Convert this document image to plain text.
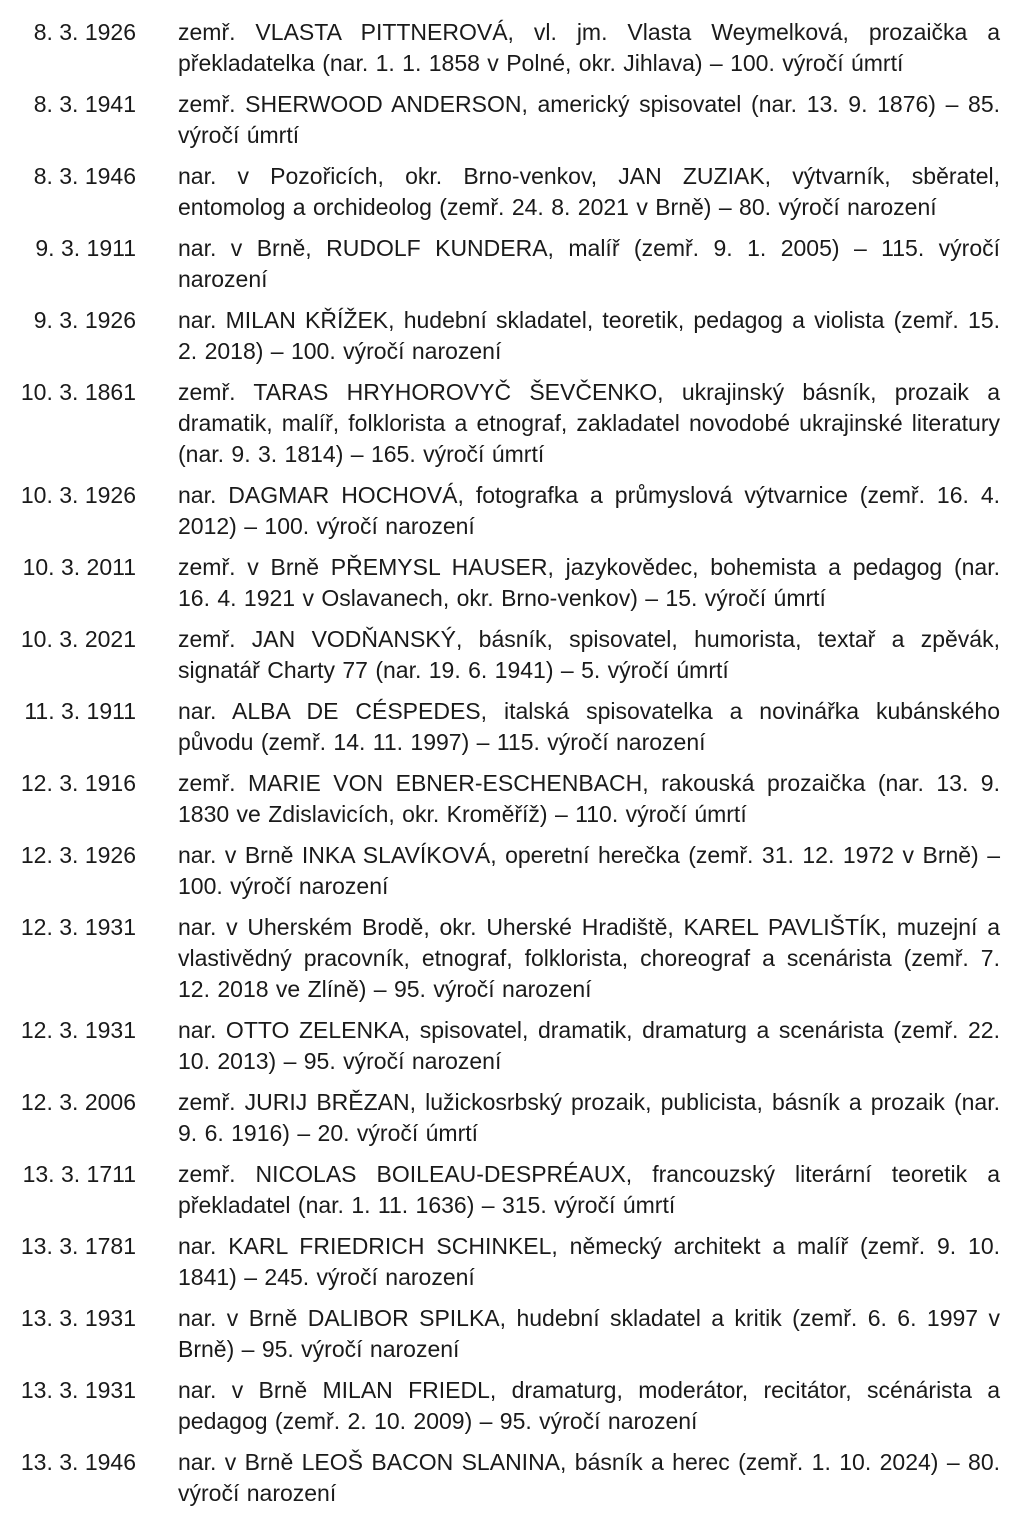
8. 3. 1926 zemř. VLASTA PITTNEROVÁ, vl. jm. Vlasta Weymelková, prozaička a překladatelka (nar. 1. 1. 1858 v Polné, okr. Jihlava) – 100. výročí úmrtí
8. 3. 1941 zemř. SHERWOOD ANDERSON, americký spisovatel (nar. 13. 9. 1876) – 85. výročí úmrtí
8. 3. 1946 nar. v Pozořicích, okr. Brno-venkov, JAN ZUZIAK, výtvarník, sběratel, entomolog a orchideolog (zemř. 24. 8. 2021 v Brně) – 80. výročí narození
9. 3. 1911 nar. v Brně, RUDOLF KUNDERA, malíř (zemř. 9. 1. 2005) – 115. výročí narození
9. 3. 1926 nar. MILAN KŘÍŽEK, hudební skladatel, teoretik, pedagog a violista (zemř. 15. 2. 2018) – 100. výročí narození
10. 3. 1861 zemř. TARAS HRYHOROVYČ ŠEVČENKO, ukrajinský básník, prozaik a dramatik, malíř, folklorista a etnograf, zakladatel novodobé ukrajinské literatury (nar. 9. 3. 1814) – 165. výročí úmrtí
10. 3. 1926 nar. DAGMAR HOCHOVÁ, fotografka a průmyslová výtvarnice (zemř. 16. 4. 2012) – 100. výročí narození
10. 3. 2011 zemř. v Brně PŘEMYSL HAUSER, jazykovědec, bohemista a pedagog (nar. 16. 4. 1921 v Oslavanech, okr. Brno-venkov) – 15. výročí úmrtí
10. 3. 2021 zemř. JAN VODŇANSKÝ, básník, spisovatel, humorista, textař a zpěvák, signatář Charty 77 (nar. 19. 6. 1941) – 5. výročí úmrtí
11. 3. 1911 nar. ALBA DE CÉSPEDES, italská spisovatelka a novinářka kubánského původu (zemř. 14. 11. 1997) – 115. výročí narození
12. 3. 1916 zemř. MARIE VON EBNER-ESCHENBACH, rakouská prozaička (nar. 13. 9. 1830 ve Zdislavicích, okr. Kroměříž) – 110. výročí úmrtí
12. 3. 1926 nar. v Brně INKA SLAVÍKOVÁ, operetní herečka (zemř. 31. 12. 1972 v Brně) – 100. výročí narození
12. 3. 1931 nar. v Uherském Brodě, okr. Uherské Hradiště, KAREL PAVLIŠTÍK, muzejní a vlastivědný pracovník, etnograf, folklorista, choreograf a scenárista (zemř. 7. 12. 2018 ve Zlíně) – 95. výročí narození
12. 3. 1931 nar. OTTO ZELENKA, spisovatel, dramatik, dramaturg a scenárista (zemř. 22. 10. 2013) – 95. výročí narození
12. 3. 2006 zemř. JURIJ BRĚZAN, lužickosrbský prozaik, publicista, básník a prozaik (nar. 9. 6. 1916) – 20. výročí úmrtí
13. 3. 1711 zemř. NICOLAS BOILEAU-DESPRÉAUX, francouzský literární teoretik a překladatel (nar. 1. 11. 1636) – 315. výročí úmrtí
13. 3. 1781 nar. KARL FRIEDRICH SCHINKEL, německý architekt a malíř (zemř. 9. 10. 1841) – 245. výročí narození
13. 3. 1931 nar. v Brně DALIBOR SPILKA, hudební skladatel a kritik (zemř. 6. 6. 1997 v Brně) – 95. výročí narození
13. 3. 1931 nar. v Brně MILAN FRIEDL, dramaturg, moderátor, recitátor, scénárista a pedagog (zemř. 2. 10. 2009) – 95. výročí narození
13. 3. 1946 nar. v Brně LEOŠ BACON SLANINA, básník a herec (zemř. 1. 10. 2024) – 80. výročí narození
